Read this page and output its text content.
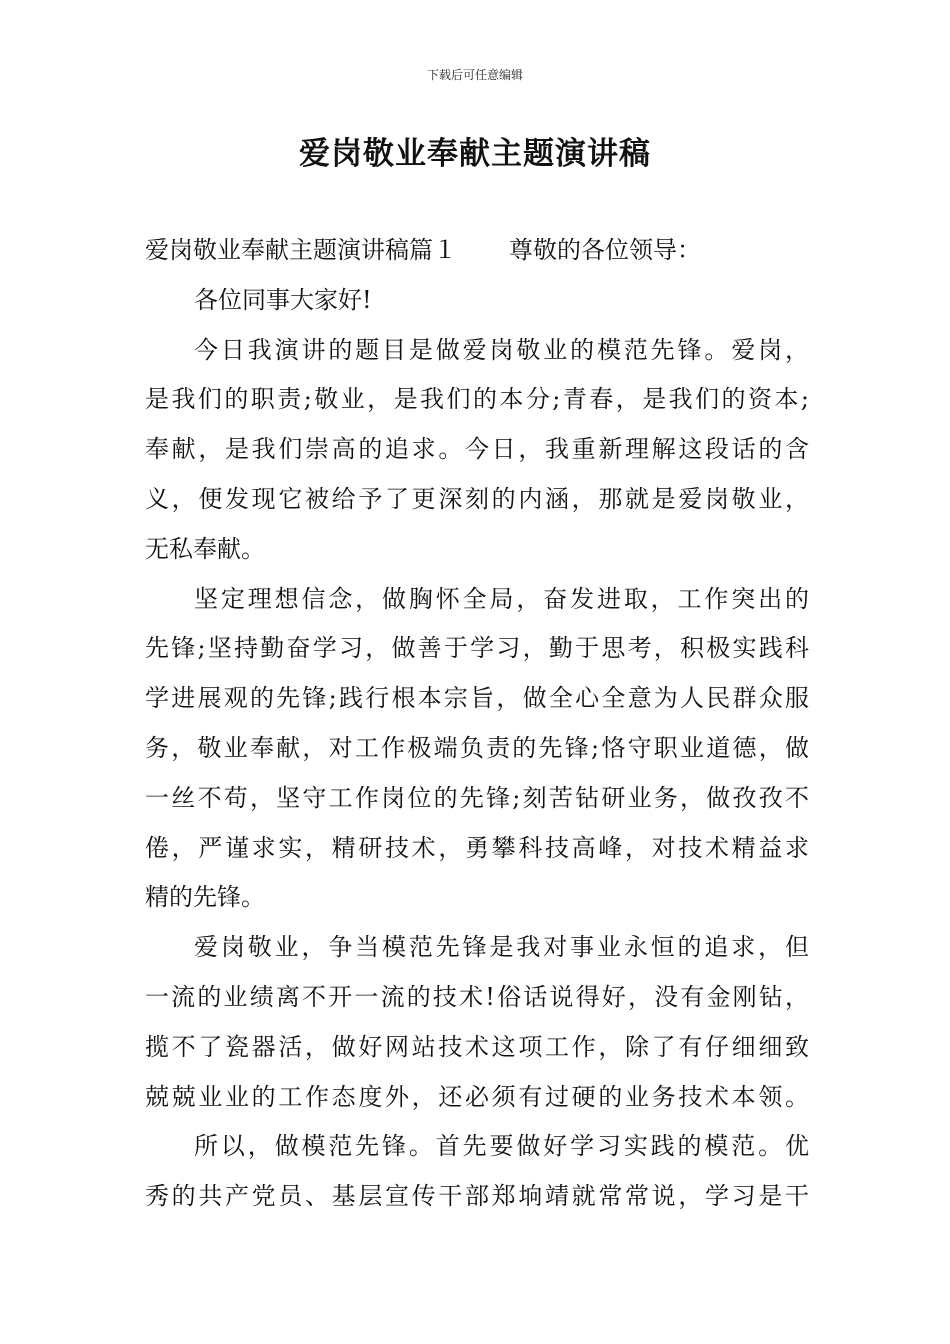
下载后可任意编辑
爱岗敬业奉献主题演讲稿
爱岗敬业奉献主题演讲稿篇１ 尊敬的各位领导：
各位同事大家好!
今日我演讲的题目是做爱岗敬业的模范先锋。爱岗，
是我们的职责;敬业，是我们的本分;青春，是我们的资本;
奉献，是我们崇高的追求。今日，我重新理解这段话的含
义，便发现它被给予了更深刻的内涵，那就是爱岗敬业，
无私奉献。
坚定理想信念，做胸怀全局，奋发进取，工作突出的
先锋;坚持勤奋学习，做善于学习，勤于思考，积极实践科
学进展观的先锋;践行根本宗旨，做全心全意为人民群众服
务，敬业奉献，对工作极端负责的先锋;恪守职业道德，做
一丝不苟，坚守工作岗位的先锋;刻苦钻研业务，做孜孜不
倦，严谨求实，精研技术，勇攀科技高峰，对技术精益求
精的先锋。
爱岗敬业，争当模范先锋是我对事业永恒的追求，但
一流的业绩离不开一流的技术!俗话说得好，没有金刚钻，
揽不了瓷器活，做好网站技术这项工作，除了有仔细细致
兢兢业业的工作态度外，还必须有过硬的业务技术本领。
所以，做模范先锋。首先要做好学习实践的模范。优
秀的共产党员、基层宣传干部郑垧靖就常常说，学习是干
